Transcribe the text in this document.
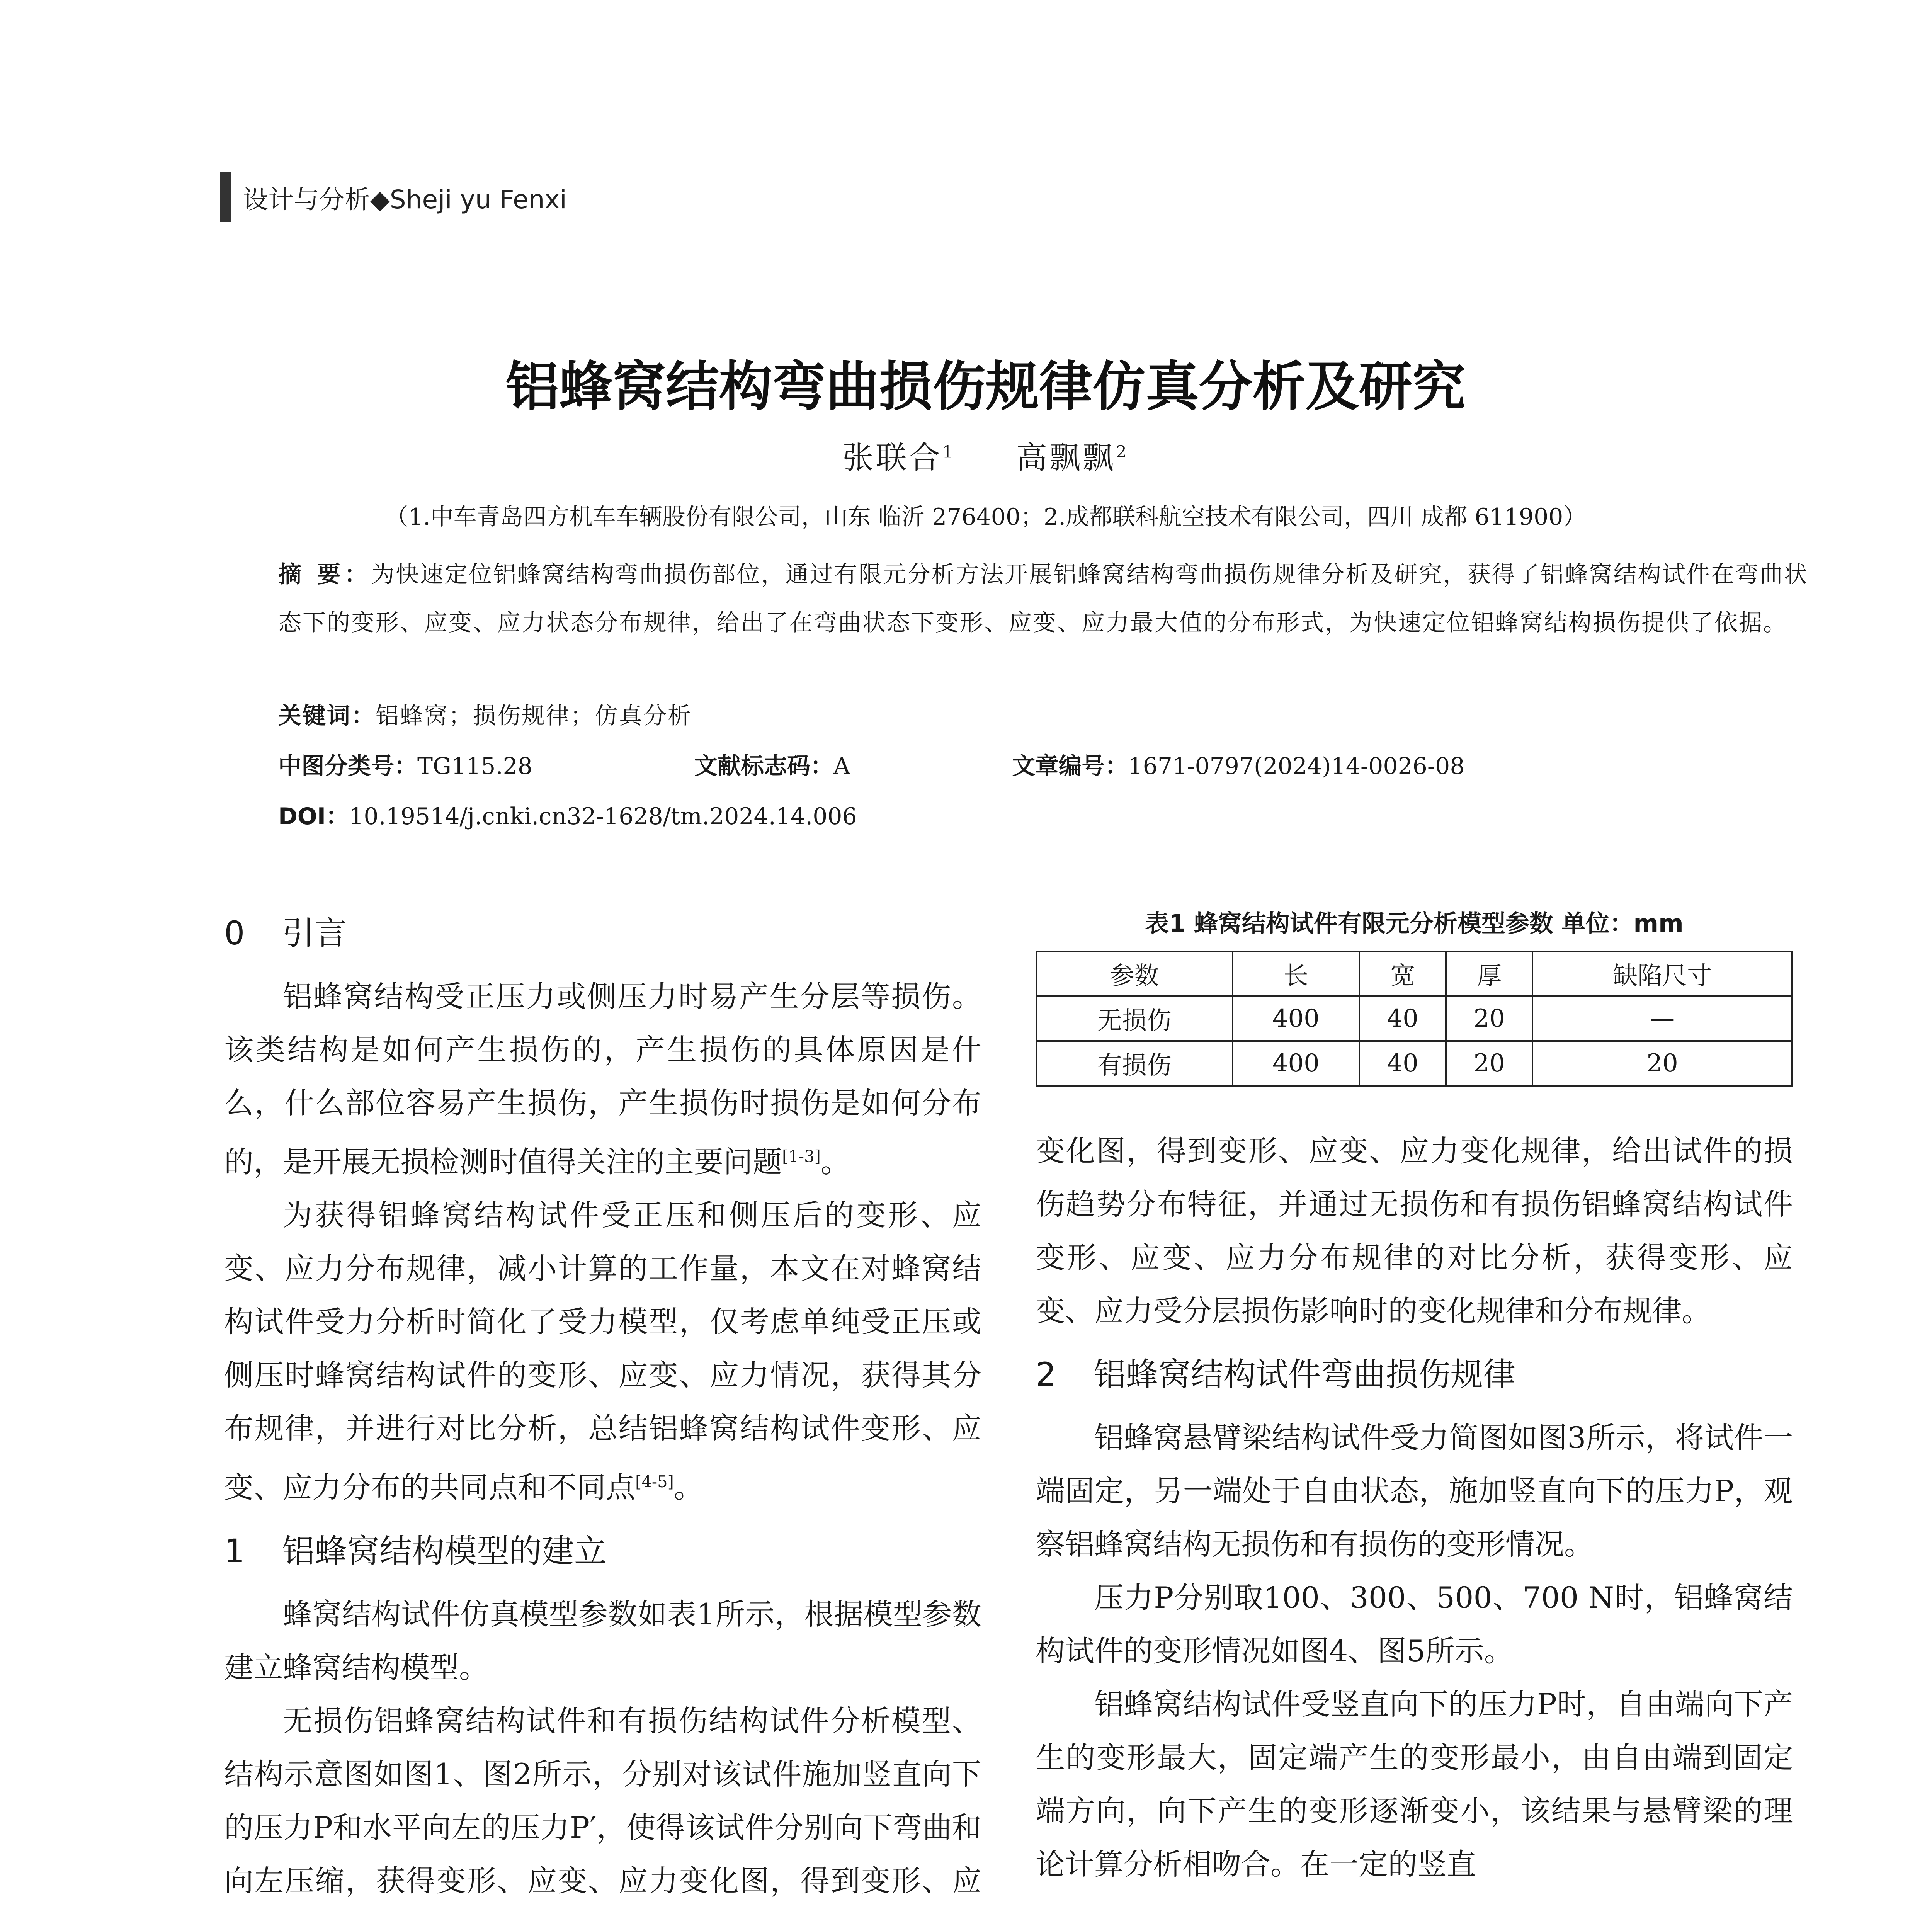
设计与分析◆Sheji yu Fenxi
铝蜂窝结构弯曲损伤规律仿真分析及研究
张联合$^1$ 高飘飘$^2$
（1.中车青岛四方机车车辆股份有限公司，山东 临沂 276400；2.成都联科航空技术有限公司，四川 成都 611900）
摘 要：为快速定位铝蜂窝结构弯曲损伤部位，通过有限元分析方法开展铝蜂窝结构弯曲损伤规律分析及研究，获得了铝蜂窝结构试件在弯曲状态下的变形、应变、应力状态分布规律，给出了在弯曲状态下变形、应变、应力最大值的分布形式，为快速定位铝蜂窝结构损伤提供了依据。
关键词：铝蜂窝；损伤规律；仿真分析
中图分类号：TG115.28	文献标志码：A	文章编号：1671-0797(2024)14-0026-08
DOI：10.19514/j.cnki.cn32-1628/tm.2024.14.006
0 引言

铝蜂窝结构受正压力或侧压力时易产生分层等损伤。该类结构是如何产生损伤的，产生损伤的具体原因是什么，什么部位容易产生损伤，产生损伤时损伤是如何分布的，是开展无损检测时值得关注的主要问题[1-3]。

为获得铝蜂窝结构试件受正压和侧压后的变形、应变、应力分布规律，减小计算的工作量，本文在对蜂窝结构试件受力分析时简化了受力模型，仅考虑单纯受正压或侧压时蜂窝结构试件的变形、应变、应力情况，获得其分布规律，并进行对比分析，总结铝蜂窝结构试件变形、应变、应力分布的共同点和不同点[4-5]。

1 铝蜂窝结构模型的建立

蜂窝结构试件仿真模型参数如表1所示，根据模型参数建立蜂窝结构模型。

无损伤铝蜂窝结构试件和有损伤结构试件分析模型、结构示意图如图1、图2所示，分别对该试件施加竖直向下的压力P和水平向左的压力P′，使得该试件分别向下弯曲和向左压缩，获得变形、应变、应力变化图，得到变形、应

表1 蜂窝结构试件有限元分析模型参数 单位：mm
参数	长	宽	厚	缺陷尺寸
无损伤	400	40	20	—
有损伤	400	40	20	20

变化图，得到变形、应变、应力变化规律，给出试件的损伤趋势分布特征，并通过无损伤和有损伤铝蜂窝结构试件变形、应变、应力分布规律的对比分析，获得变形、应变、应力受分层损伤影响时的变化规律和分布规律。

2 铝蜂窝结构试件弯曲损伤规律

铝蜂窝悬臂梁结构试件受力简图如图3所示，将试件一端固定，另一端处于自由状态，施加竖直向下的压力P，观察铝蜂窝结构无损伤和有损伤的变形情况。

压力P分别取100、300、500、700 N时，铝蜂窝结构试件的变形情况如图4、图5所示。

铝蜂窝结构试件受竖直向下的压力P时，自由端向下产生的变形最大，固定端产生的变形最小，由自由端到固定端方向，向下产生的变形逐渐变小，该结果与悬臂梁的理论计算分析相吻合。在一定的竖直
